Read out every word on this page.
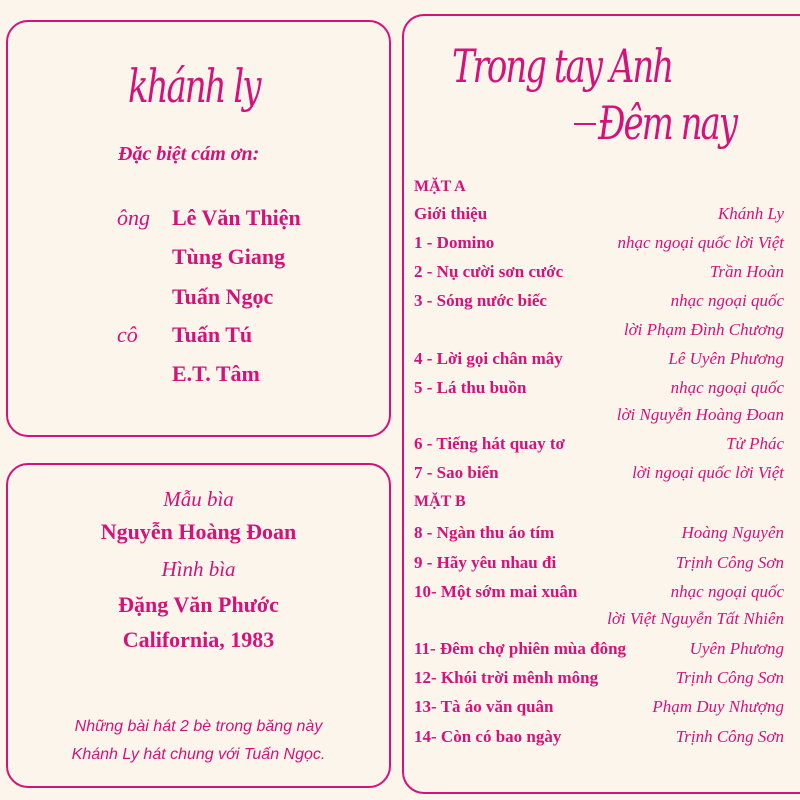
khánh ly
Đặc biệt cám ơn:
ông Lê Văn Thiện
Tùng Giang
Tuấn Ngọc
cô Tuấn Tú
E.T. Tâm
Mẫu bìa
Nguyễn Hoàng Đoan
Hình bìa
Đặng Văn Phước
California, 1983
Những bài hát 2 bè trong băng này
Khánh Ly hát chung với Tuấn Ngọc.
Trong tay Anh
Đêm nay
MẶT A
Giới thiệu	Khánh Ly
1 - Domino	nhạc ngoại quốc lời Việt
2 - Nụ cười sơn cước	Trần Hoàn
3 - Sóng nước biếc	nhạc ngoại quốc
lời Phạm Đình Chương
4 - Lời gọi chân mây	Lê Uyên Phương
5 - Lá thu buồn	nhạc ngoại quốc
lời Nguyễn Hoàng Đoan
6 - Tiếng hát quay tơ	Tử Phác
7 - Sao biển	lời ngoại quốc lời Việt
MẶT B
8 - Ngàn thu áo tím	Hoàng Nguyên
9 - Hãy yêu nhau đi	Trịnh Công Sơn
10- Một sớm mai xuân	nhạc ngoại quốc
lời Việt Nguyễn Tất Nhiên
11- Đêm chợ phiên mùa đông	Uyên Phương
12- Khói trời mênh mông	Trịnh Công Sơn
13- Tà áo văn quân	Phạm Duy Nhượng
14- Còn có bao ngày	Trịnh Công Sơn
